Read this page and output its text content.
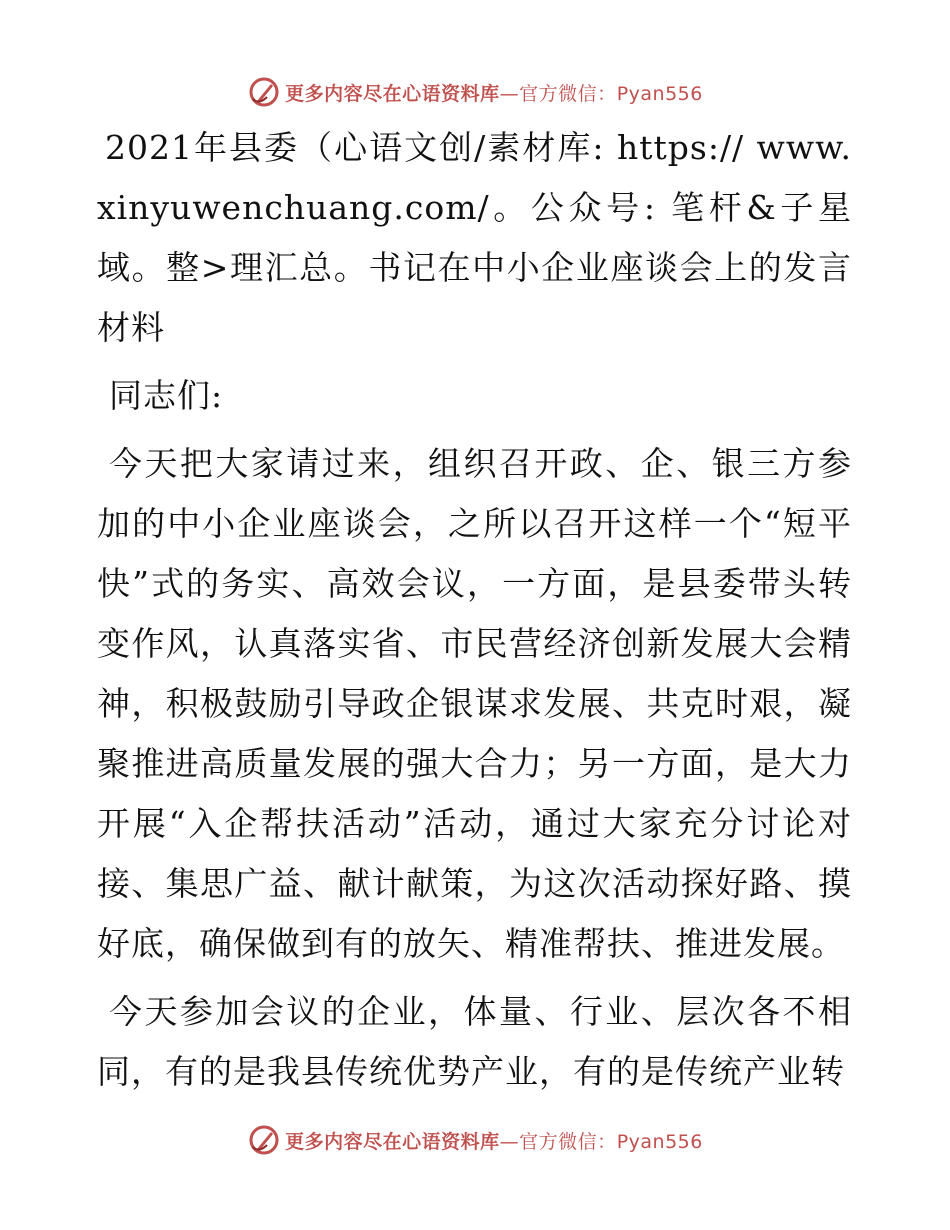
更多内容尽在心语资料库—官方微信：Pyan556

2021年县委（心语文创/素材库: https:// www.xinyuwenchuang.com/。公众号: 笔杆&子星域。整>理汇总。书记在中小企业座谈会上的发言材料

同志们:

今天把大家请过来，组织召开政、企、银三方参加的中小企业座谈会，之所以召开这样一个“短平快”式的务实、高效会议，一方面，是县委带头转变作风，认真落实省、市民营经济创新发展大会精神，积极鼓励引导政企银谋求发展、共克时艰，凝聚推进高质量发展的强大合力；另一方面，是大力开展“入企帮扶活动”活动，通过大家充分讨论对接、集思广益、献计献策，为这次活动探好路、摸好底，确保做到有的放矢、精准帮扶、推进发展。

今天参加会议的企业，体量、行业、层次各不相同，有的是我县传统优势产业，有的是传统产业转

更多内容尽在心语资料库—官方微信：Pyan556
